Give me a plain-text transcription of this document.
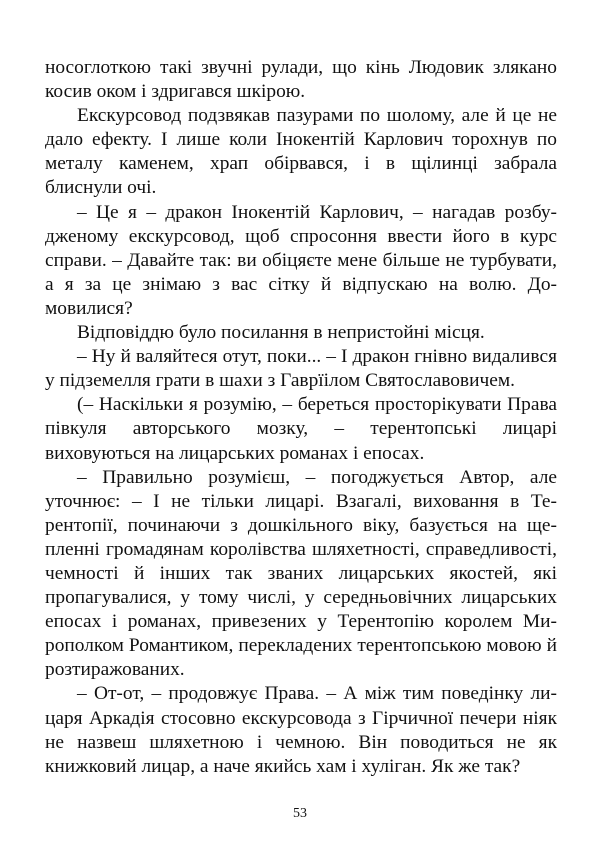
носоглоткою такі звучні рулади, що кінь Людовик злякано косив оком і здригався шкірою.

Екскурсовод подзвякав пазурами по шолому, але й це не дало ефекту. І лише коли Інокентій Карлович торохнув по металу каменем, храп обірвався, і в щілинці забрала блиснули очі.

– Це я – дракон Інокентій Карлович, – нагадав розбудженому екскурсовод, щоб спросоння ввести його в курс справи. – Давайте так: ви обіцяєте мене більше не турбувати, а я за це знімаю з вас сітку й відпускаю на волю. Домовилися?

Відповіддю було посилання в непристойні місця.

– Ну й валяйтеся отут, поки... – І дракон гнівно видалився у підземелля грати в шахи з Гаврїілом Святославовичем.

(– Наскільки я розумію, – береться просторікувати Права півкуля авторського мозку, – терентопські лицарі виховуються на лицарських романах і епосах.

– Правильно розумієш, – погоджується Автор, але уточнює: – І не тільки лицарі. Взагалі, виховання в Терентопії, починаючи з дошкільного віку, базується на щепленні громадянам королівства шляхетності, справедливості, чемності й інших так званих лицарських якостей, які пропагувалися, у тому числі, у середньовічних лицарських епосах і романах, привезених у Терентопію королем Мирополком Романтиком, перекладених терентопською мовою й розтиражованих.

– От-от, – продовжує Права. – А між тим поведінку лицаря Аркадія стосовно екскурсовода з Гірчичної печери ніяк не назвеш шляхетною і чемною. Він поводиться не як книжковий лицар, а наче якийсь хам і хуліган. Як же так?

53
